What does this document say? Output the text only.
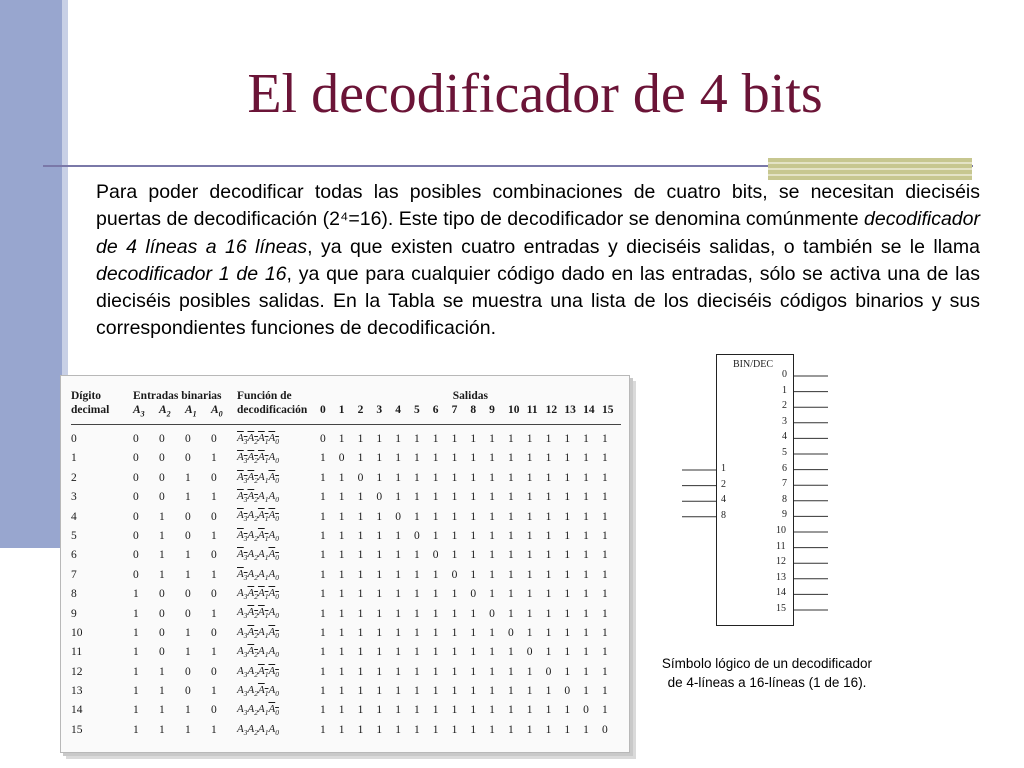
El decodificador de 4 bits

Para poder decodificar todas las posibles combinaciones de cuatro bits, se necesitan dieciséis puertas de decodificación (2⁴=16). Este tipo de decodificador se denomina comúnmente decodificador de 4 líneas a 16 líneas, ya que existen cuatro entradas y dieciséis salidas, o también se le llama decodificador 1 de 16, ya que para cualquier código dado en las entradas, sólo se activa una de las dieciséis posibles salidas. En la Tabla se muestra una lista de los dieciséis códigos binarios y sus correspondientes funciones de decodificación.

Dígito	Entradas binarias				Función de	Salidas															
decimal	$A_3$	$A_2$	$A_1$	$A_0$	decodificación	0	1	2	3	4	5	6	7	8	9	10	11	12	13	14	15
0	0	0	0	0	$A_3A_2A_1A_0$	0	1	1	1	1	1	1	1	1	1	1	1	1	1	1	1
1	0	0	0	1	$A_3A_2A_1A_0$	1	0	1	1	1	1	1	1	1	1	1	1	1	1	1	1
2	0	0	1	0	$A_3A_2A_1A_0$	1	1	0	1	1	1	1	1	1	1	1	1	1	1	1	1
3	0	0	1	1	$A_3A_2A_1A_0$	1	1	1	0	1	1	1	1	1	1	1	1	1	1	1	1
4	0	1	0	0	$A_3A_2A_1A_0$	1	1	1	1	0	1	1	1	1	1	1	1	1	1	1	1
5	0	1	0	1	$A_3A_2A_1A_0$	1	1	1	1	1	0	1	1	1	1	1	1	1	1	1	1
6	0	1	1	0	$A_3A_2A_1A_0$	1	1	1	1	1	1	0	1	1	1	1	1	1	1	1	1
7	0	1	1	1	$A_3A_2A_1A_0$	1	1	1	1	1	1	1	0	1	1	1	1	1	1	1	1
8	1	0	0	0	$A_3A_2A_1A_0$	1	1	1	1	1	1	1	1	0	1	1	1	1	1	1	1
9	1	0	0	1	$A_3A_2A_1A_0$	1	1	1	1	1	1	1	1	1	0	1	1	1	1	1	1
10	1	0	1	0	$A_3A_2A_1A_0$	1	1	1	1	1	1	1	1	1	1	0	1	1	1	1	1
11	1	0	1	1	$A_3A_2A_1A_0$	1	1	1	1	1	1	1	1	1	1	1	0	1	1	1	1
12	1	1	0	0	$A_3A_2A_1A_0$	1	1	1	1	1	1	1	1	1	1	1	1	0	1	1	1
13	1	1	0	1	$A_3A_2A_1A_0$	1	1	1	1	1	1	1	1	1	1	1	1	1	0	1	1
14	1	1	1	0	$A_3A_2A_1A_0$	1	1	1	1	1	1	1	1	1	1	1	1	1	1	0	1
15	1	1	1	1	$A_3A_2A_1A_0$	1	1	1	1	1	1	1	1	1	1	1	1	1	1	1	0
BIN/DEC
0
1
2
3
4
5
6
7
8
9
10
11
12
13
14
15
1
2
4
8
Símbolo lógico de un decodificador
de 4-líneas a 16-líneas (1 de 16).
